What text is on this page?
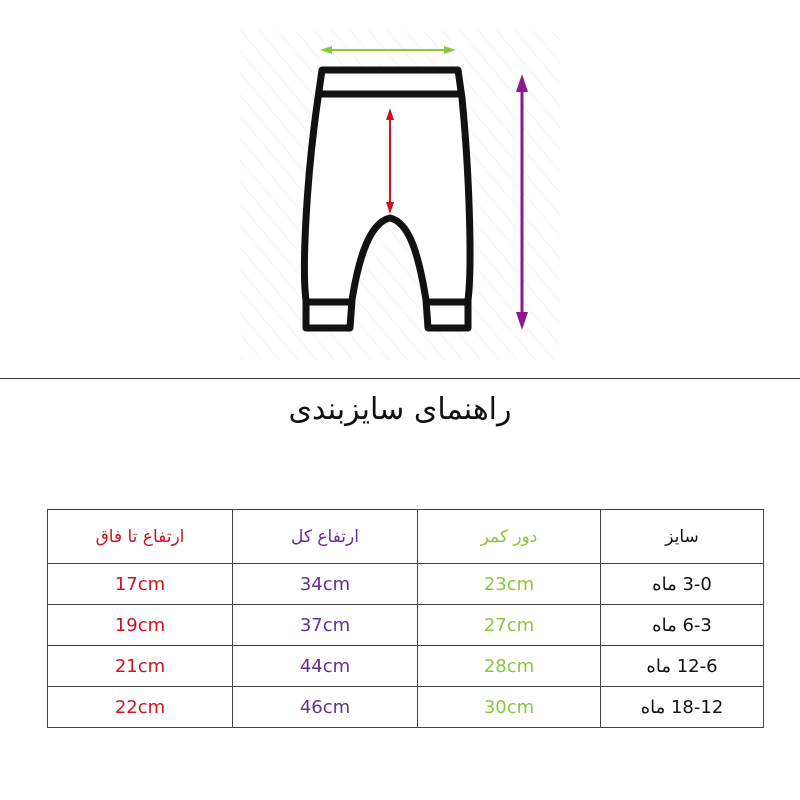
راهنمای سایزبندی
سایز	دور کمر	ارتفاع کل	ارتفاع تا فاق
3-0 ماه	23cm	34cm	17cm
6-3 ماه	27cm	37cm	19cm
12-6 ماه	28cm	44cm	21cm
18-12 ماه	30cm	46cm	22cm
